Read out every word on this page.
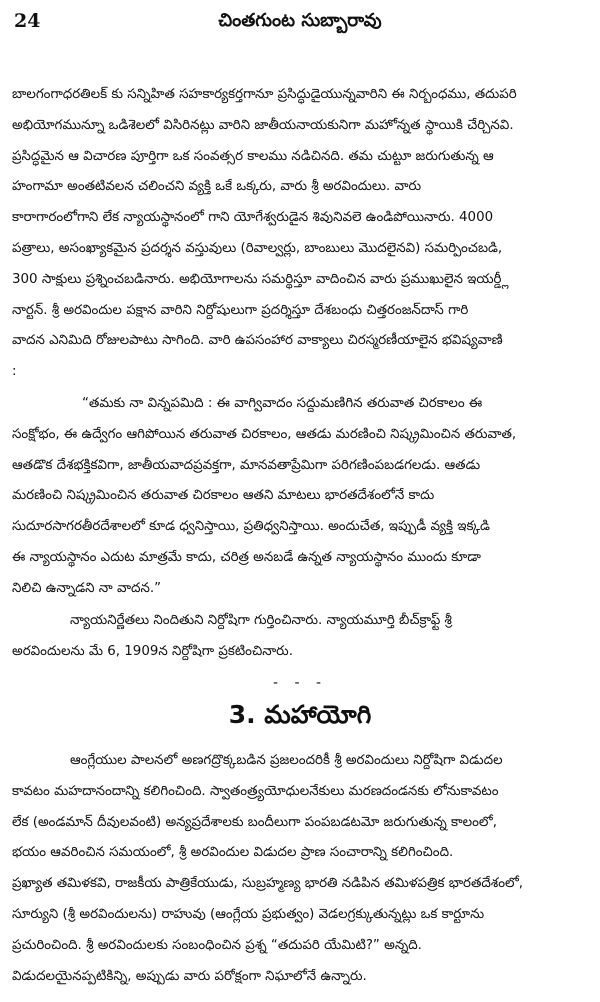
24	చింతగుంట సుబ్బారావు
బాలగంగాధరతిలక్ కు సన్నిహిత సహకార్యకర్తగానూ ప్రసిద్ధుడైయున్నవారిని ఈ నిర్బంధము, తదుపరి
అభియోగమున్నూ ఒడిశెలలో విసిరినట్లు వారిని జాతీయనాయకునిగా మహోన్నత స్థాయికి చేర్చినవి.
ప్రసిద్ధమైన ఆ విచారణ పూర్తిగా ఒక సంవత్సర కాలము నడిచినది. తమ చుట్టూ జరుగుతున్న ఆ
హంగామా అంతటివలన చలించని వ్యక్తి ఒకే ఒక్కరు, వారు శ్రీ అరవిందులు. వారు
కారాగారంలోగాని లేక న్యాయస్థానంలో గాని యోగేశ్వరుడైన శివునివలె ఉండిపోయినారు. 4000
పత్రాలు, అసంఖ్యాకమైన ప్రదర్శన వస్తువులు (రివాల్వర్లు, బాంబులు మొదలైనవి) సమర్పించబడి,
300 సాక్షులు ప్రశ్నించబడినారు. అభియోగాలను సమర్థిస్తూ వాదించిన వారు ప్రముఖులైన ఇయర్డ్లీ
నార్టన్. శ్రీ అరవిందుల పక్షాన వారిని నిర్దోషులుగా ప్రదర్శిస్తూ దేశబంధు చిత్తరంజన్‌దాస్ గారి
వాదన ఎనిమిది రోజులపాటు సాగింది. వారి ఉపసంహార వాక్యాలు చిరస్మరణీయాలైన భవిష్యవాణి
:
“తమకు నా విన్నపమిది : ఈ వాగ్వివాదం సద్దుమణిగిన తరువాత చిరకాలం ఈ
సంక్షోభం, ఈ ఉద్వేగం ఆగిపోయిన తరువాత చిరకాలం, ఆతడు మరణించి నిష్క్రమించిన తరువాత,
ఆతడొక దేశభక్తికవిగా, జాతీయవాదప్రవక్తగా, మానవతాప్రేమిగా పరిగణింపబడగలడు. ఆతడు
మరణించి నిష్క్రమించిన తరువాత చిరకాలం ఆతని మాటలు భారతదేశంలోనే కాదు
సుదూరసాగరతీరదేశాలలో కూడ ధ్వనిస్తాయి, ప్రతిధ్వనిస్తాయి. అందుచేత, ఇప్పుడీ వ్యక్తి ఇక్కడి
ఈ న్యాయస్థానం ఎదుట మాత్రమే కాదు, చరిత్ర అనబడే ఉన్నత న్యాయస్థానం ముందు కూడా
నిలిచి ఉన్నాడని నా వాదన.”
న్యాయనిర్ణేతలు నిందితుని నిర్దోషిగా గుర్తించినారు. న్యాయమూర్తి బీచ్‌క్రాఫ్ట్ శ్రీ
అరవిందులను మే 6, 1909న నిర్దోషిగా ప్రకటించినారు.
- - -
3. మహాయోగి
ఆంగ్లేయుల పాలనలో అణగద్రొక్కబడిన ప్రజలందరికీ శ్రీ అరవిందులు నిర్దోషిగా విడుదల
కావటం మహదానందాన్ని కలిగించింది. స్వాతంత్ర్యయోధులనేకులు మరణదండనకు లోనుకావటం
లేక (అండమాన్ దీవులవంటి) అన్యప్రదేశాలకు బందీలుగా పంపబడటమో జరుగుతున్న కాలంలో,
భయం ఆవరించిన సమయంలో, శ్రీ అరవిందుల విడుదల ప్రాణ సంచారాన్ని కలిగించింది.
ప్రఖ్యాత తమిళకవి, రాజకీయ పాత్రికేయుడు, సుబ్రహ్మణ్య భారతి నడిపిన తమిళపత్రిక భారతదేశంలో,
సూర్యుని (శ్రీ అరవిందులను) రాహువు (ఆంగ్లేయ ప్రభుత్వం) వెడలగ్రక్కుతున్నట్లు ఒక కార్టూను
ప్రచురించింది. శ్రీ అరవిందులకు సంబంధించిన ప్రశ్న “తదుపరి యేమిటి?” అన్నది.
విడుదలయైనప్పటికిన్ని, అప్పుడు వారు పరోక్షంగా నిఘాలోనే ఉన్నారు.
